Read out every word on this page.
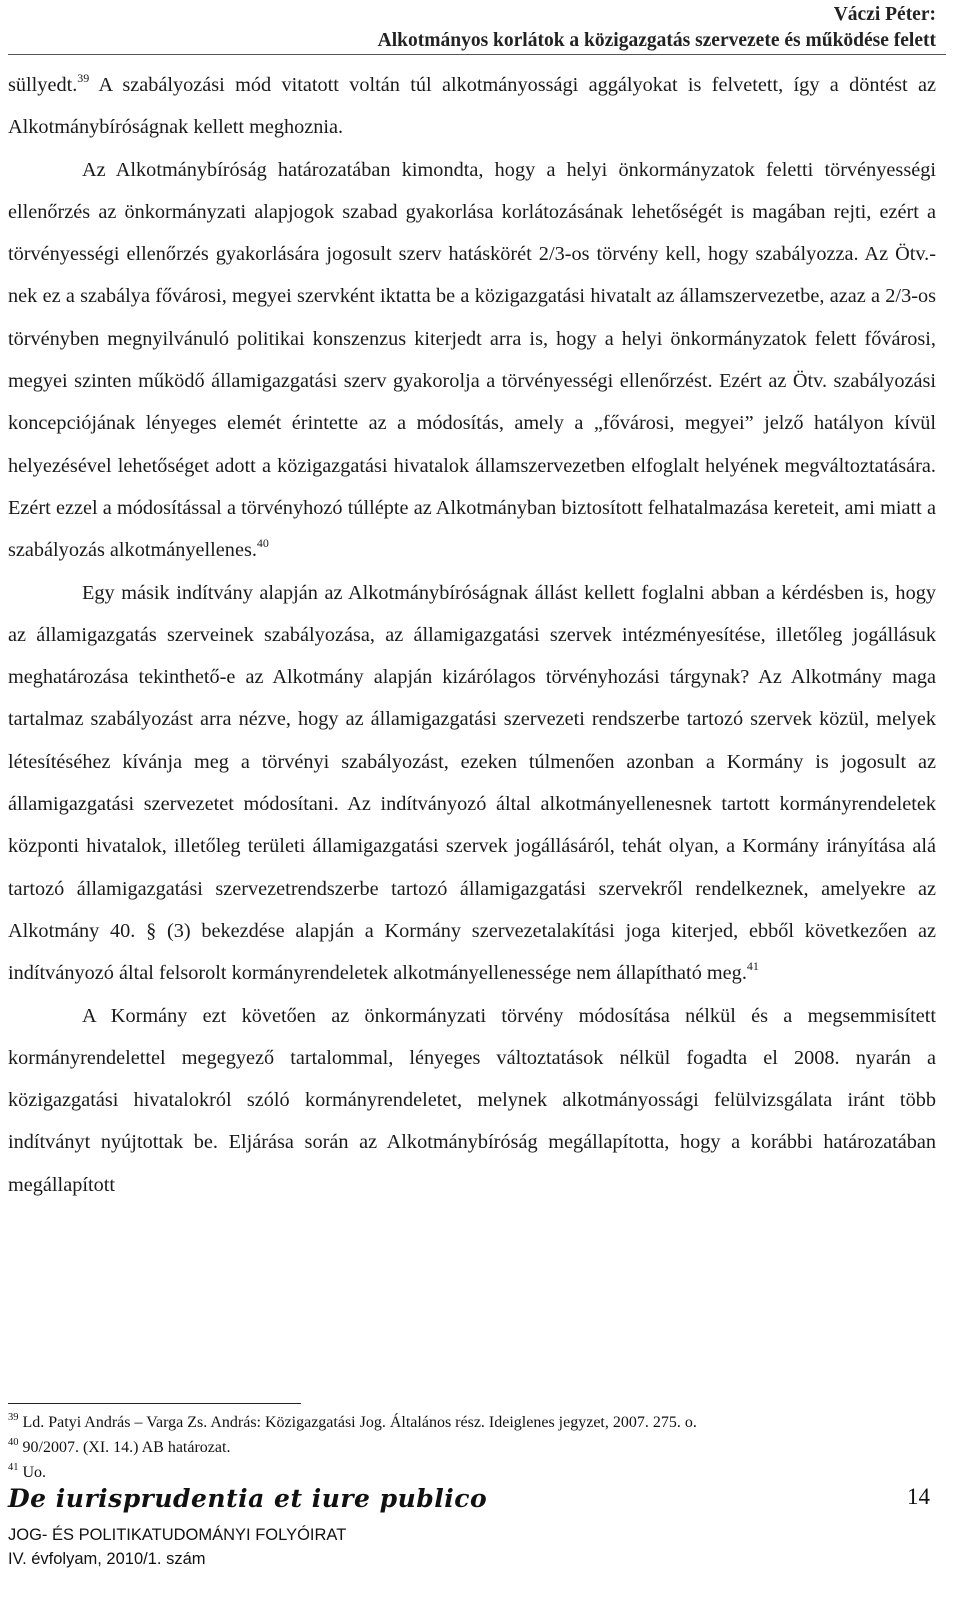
Váczi Péter:
Alkotmányos korlátok a közigazgatás szervezete és működése felett

süllyedt.$^{39}$ A szabályozási mód vitatott voltán túl alkotmányossági aggályokat is felvetett, így a döntést az Alkotmánybíróságnak kellett meghoznia.

Az Alkotmánybíróság határozatában kimondta, hogy a helyi önkormányzatok feletti törvényességi ellenőrzés az önkormányzati alapjogok szabad gyakorlása korlátozásának lehetőségét is magában rejti, ezért a törvényességi ellenőrzés gyakorlására jogosult szerv hatáskörét 2/3-os törvény kell, hogy szabályozza. Az Ötv.-nek ez a szabálya fővárosi, megyei szervként iktatta be a közigazgatási hivatalt az államszervezetbe, azaz a 2/3-os törvényben megnyilvánuló politikai konszenzus kiterjedt arra is, hogy a helyi önkormányzatok felett fővárosi, megyei szinten működő államigazgatási szerv gyakorolja a törvényességi ellenőrzést. Ezért az Ötv. szabályozási koncepciójának lényeges elemét érintette az a módosítás, amely a „fővárosi, megyei” jelző hatályon kívül helyezésével lehetőséget adott a közigazgatási hivatalok államszervezetben elfoglalt helyének megváltoztatására. Ezért ezzel a módosítással a törvényhozó túllépte az Alkotmányban biztosított felhatalmazása kereteit, ami miatt a szabályozás alkotmányellenes.$^{40}$

Egy másik indítvány alapján az Alkotmánybíróságnak állást kellett foglalni abban a kérdésben is, hogy az államigazgatás szerveinek szabályozása, az államigazgatási szervek intézményesítése, illetőleg jogállásuk meghatározása tekinthető-e az Alkotmány alapján kizárólagos törvényhozási tárgynak? Az Alkotmány maga tartalmaz szabályozást arra nézve, hogy az államigazgatási szervezeti rendszerbe tartozó szervek közül, melyek létesítéséhez kívánja meg a törvényi szabályozást, ezeken túlmenően azonban a Kormány is jogosult az államigazgatási szervezetet módosítani. Az indítványozó által alkotmányellenesnek tartott kormányrendeletek központi hivatalok, illetőleg területi államigazgatási szervek jogállásáról, tehát olyan, a Kormány irányítása alá tartozó államigazgatási szervezetrendszerbe tartozó államigazgatási szervekről rendelkeznek, amelyekre az Alkotmány 40. § (3) bekezdése alapján a Kormány szervezetalakítási joga kiterjed, ebből következően az indítványozó által felsorolt kormányrendeletek alkotmányellenessége nem állapítható meg.$^{41}$

A Kormány ezt követően az önkormányzati törvény módosítása nélkül és a megsemmisített kormányrendelettel megegyező tartalommal, lényeges változtatások nélkül fogadta el 2008. nyarán a közigazgatási hivatalokról szóló kormányrendeletet, melynek alkotmányossági felülvizsgálata iránt több indítványt nyújtottak be. Eljárása során az Alkotmánybíróság megállapította, hogy a korábbi határozatában megállapított

$^{39}$ Ld. Patyi András – Varga Zs. András: Közigazgatási Jog. Általános rész. Ideiglenes jegyzet, 2007. 275. o.
$^{40}$ 90/2007. (XI. 14.) AB határozat.
$^{41}$ Uo.
De iurisprudentia et iure publico	14
JOG- ÉS POLITIKATUDOMÁNYI FOLYÓIRAT
IV. évfolyam, 2010/1. szám
